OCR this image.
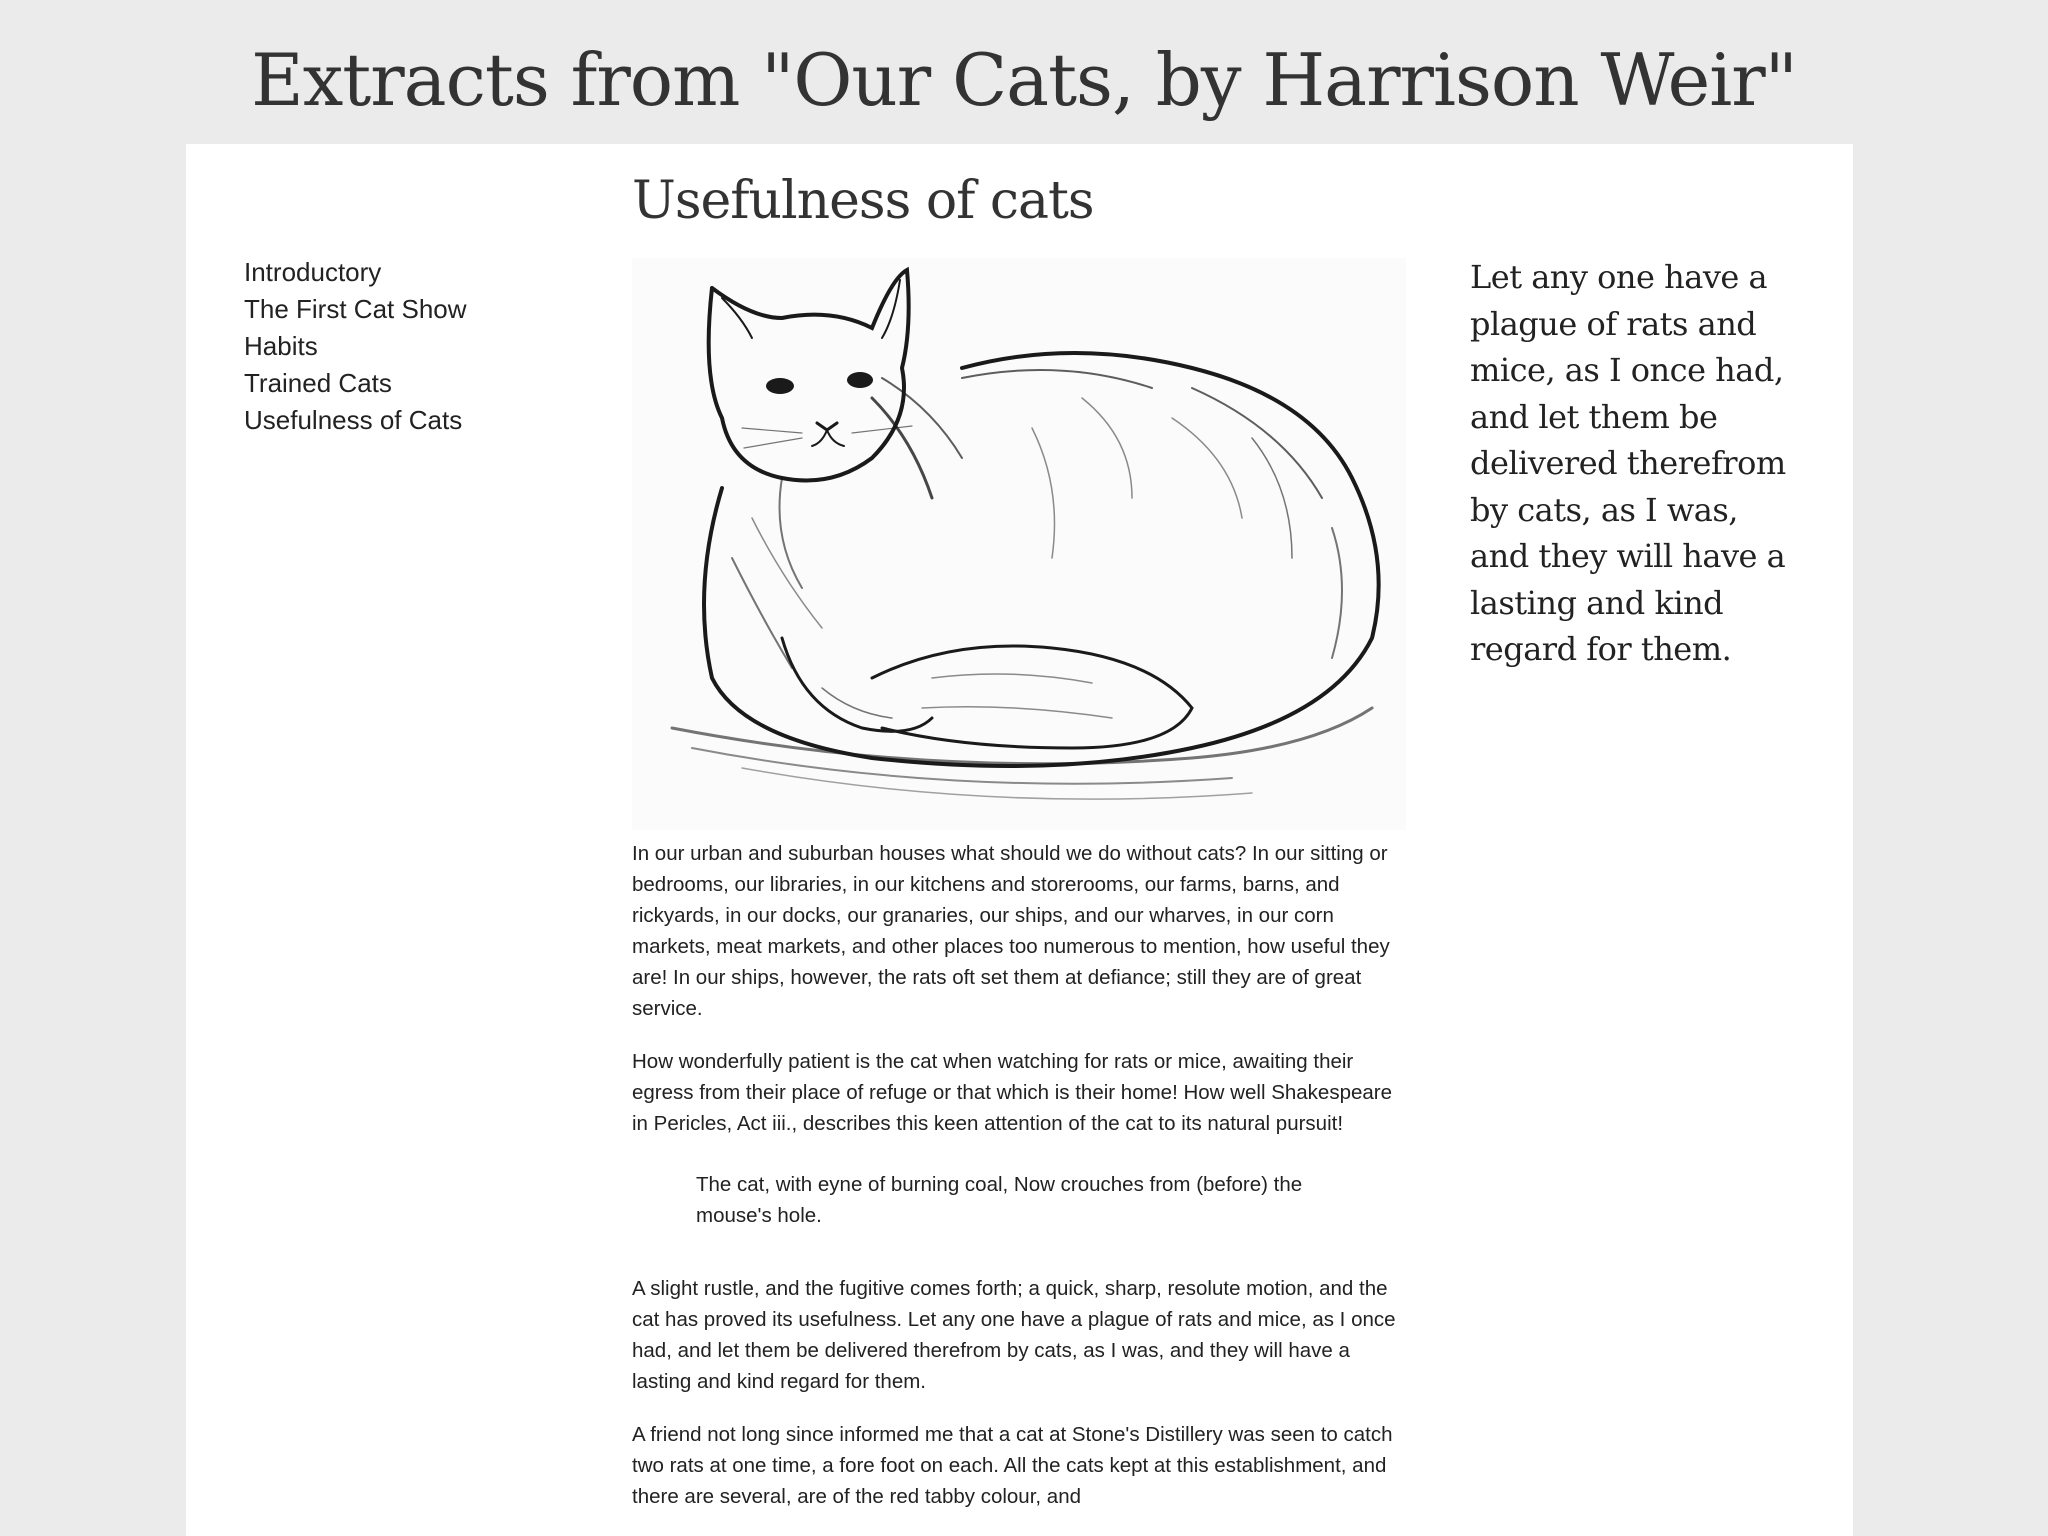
Extracts from "Our Cats, by Harrison Weir"
Introductory
The First Cat Show
Habits
Trained Cats
Usefulness of Cats
Usefulness of cats

In our urban and suburban houses what should we do without cats? In our sitting or bedrooms, our libraries, in our kitchens and storerooms, our farms, barns, and rickyards, in our docks, our granaries, our ships, and our wharves, in our corn markets, meat markets, and other places too numerous to mention, how useful they are! In our ships, however, the rats oft set them at defiance; still they are of great service.

How wonderfully patient is the cat when watching for rats or mice, awaiting their egress from their place of refuge or that which is their home! How well Shakespeare in Pericles, Act iii., describes this keen attention of the cat to its natural pursuit!

The cat, with eyne of burning coal, Now crouches from (before) the mouse's hole.

A slight rustle, and the fugitive comes forth; a quick, sharp, resolute motion, and the cat has proved its usefulness. Let any one have a plague of rats and mice, as I once had, and let them be delivered therefrom by cats, as I was, and they will have a lasting and kind regard for them.

A friend not long since informed me that a cat at Stone's Distillery was seen to catch two rats at one time, a fore foot on each. All the cats kept at this establishment, and there are several, are of the red tabby colour, and

Let any one have a plague of rats and mice, as I once had, and let them be delivered therefrom by cats, as I was, and they will have a lasting and kind regard for them.
